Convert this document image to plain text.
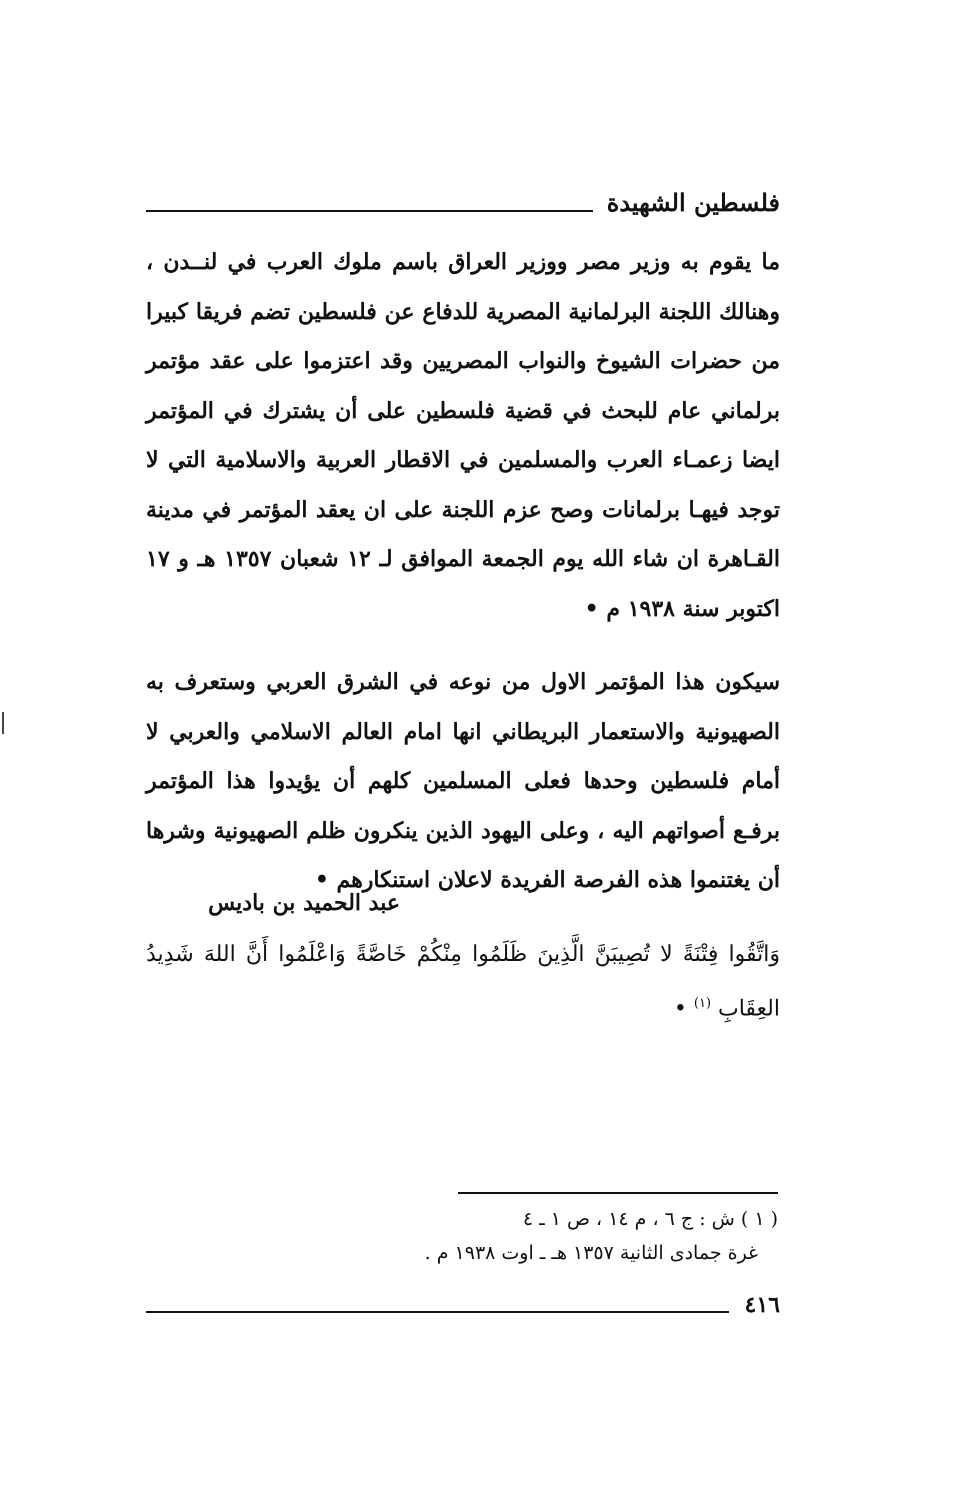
فلسطين الشهيدة

ما يقوم به وزير مصر ووزير العراق باسم ملوك العرب في لنــدن ، وهنالك اللجنة البرلمانية المصرية للدفاع عن فلسطين تضم فريقا كبيرا من حضرات الشيوخ والنواب المصريين وقد اعتزموا على عقد مؤتمر برلماني عام للبحث في قضية فلسطين على أن يشترك في المؤتمر ايضا زعمـاء العرب والمسلمين في الاقطار العربية والاسلامية التي لا توجد فيهـا برلمانات وصح عزم اللجنة على ان يعقد المؤتمر في مدينة القـاهرة ان شاء الله يوم الجمعة الموافق لـ ١٢ شعبان ١٣٥٧ هـ و ١٧ اكتوبر سنة ١٩٣٨ م •

سيكون هذا المؤتمر الاول من نوعه في الشرق العربي وستعرف به الصهيونية والاستعمار البريطاني انها امام العالم الاسلامي والعربي لا أمام فلسطين وحدها فعلى المسلمين كلهم أن يؤيدوا هذا المؤتمر برفـع أصواتهم اليه ، وعلى اليهود الذين ينكرون ظلم الصهيونية وشرها أن يغتنموا هذه الفرصة الفريدة لاعلان استنكارهم •

وَاتَّقُوا فِتْنَةً لا تُصِيبَنَّ الَّذِينَ ظَلَمُوا مِنْكُمْ خَاصَّةً وَاعْلَمُوا أَنَّ اللهَ شَدِيدُ العِقَابِ $^{(١)}$ •

عبد الحميد بن باديس

( ١ ) ش : ج ٦ ، م ١٤ ، ص ١ ـ ٤

غرة جمادى الثانية ١٣٥٧ هـ ـ اوت ١٩٣٨ م .

٤١٦
